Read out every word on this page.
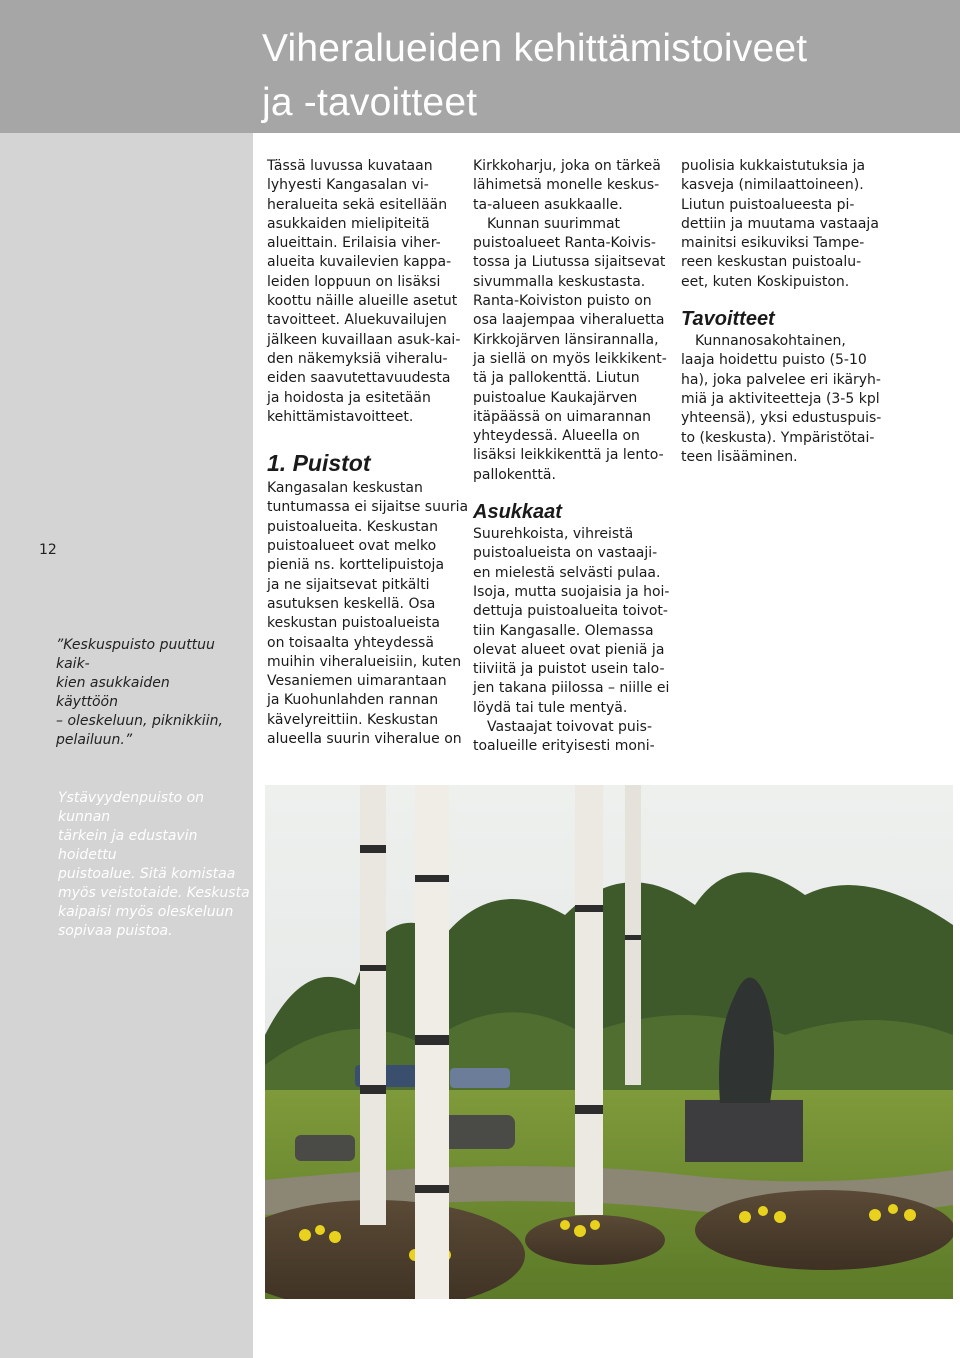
Viheralueiden kehittämistoiveet
ja -tavoitteet
12
”Keskuspuisto puuttuu kaik-
kien asukkaiden käyttöön
– oleskeluun, piknikkiin,
pelailuun.”
Ystävyydenpuisto on kunnan
tärkein ja edustavin hoidettu
puistoalue. Sitä komistaa
myös veistotaide. Keskusta
kaipaisi myös oleskeluun
sopivaa puistoa.

Tässä luvussa kuvataan
lyhyesti Kangasalan vi-
heralueita sekä esitellään
asukkaiden mielipiteitä
alueittain. Erilaisia viher-
alueita kuvailevien kappa-
leiden loppuun on lisäksi
koottu näille alueille asetut
tavoitteet. Aluekuvailujen
jälkeen kuvaillaan asuk-kai-
den näkemyksiä viheralu-
eiden saavutettavuudesta
ja hoidosta ja esitetään
kehittämistavoitteet.

1. Puistot

Kangasalan keskustan
tuntumassa ei sijaitse suuria
puistoalueita. Keskustan
puistoalueet ovat melko
pieniä ns. korttelipuistoja
ja ne sijaitsevat pitkälti
asutuksen keskellä. Osa
keskustan puistoalueista
on toisaalta yhteydessä
muihin viheralueisiin, kuten
Vesaniemen uimarantaan
ja Kuohunlahden rannan
kävelyreittiin. Keskustan
alueella suurin viheralue on

Kirkkoharju, joka on tärkeä
lähimetsä monelle keskus-
ta-alueen asukkaalle.

Kunnan suurimmat
puistoalueet Ranta-Koivis-
tossa ja Liutussa sijaitsevat
sivummalla keskustasta.
Ranta-Koiviston puisto on
osa laajempaa viheraluetta
Kirkkojärven länsirannalla,
ja siellä on myös leikkikent-
tä ja pallokenttä. Liutun
puistoalue Kaukajärven
itäpäässä on uimarannan
yhteydessä. Alueella on
lisäksi leikkikenttä ja lento-
pallokenttä.

Asukkaat

Suurehkoista, vihreistä
puistoalueista on vastaaji-
en mielestä selvästi pulaa.
Isoja, mutta suojaisia ja hoi-
dettuja puistoalueita toivot-
tiin Kangasalle. Olemassa
olevat alueet ovat pieniä ja
tiiviitä ja puistot usein talo-
jen takana piilossa – niille ei
löydä tai tule mentyä.

Vastaajat toivovat puis-
toalueille erityisesti moni-

puolisia kukkaistutuksia ja
kasveja (nimilaattoineen).
Liutun puistoalueesta pi-
dettiin ja muutama vastaaja
mainitsi esikuviksi Tampe-
reen keskustan puistoalu-
eet, kuten Koskipuiston.

Tavoitteet

Kunnanosakohtainen,
laaja hoidettu puisto (5-10
ha), joka palvelee eri ikäryh-
miä ja aktiviteetteja (3-5 kpl
yhteensä), yksi edustuspuis-
to (keskusta). Ympäristötai-
teen lisääminen.
